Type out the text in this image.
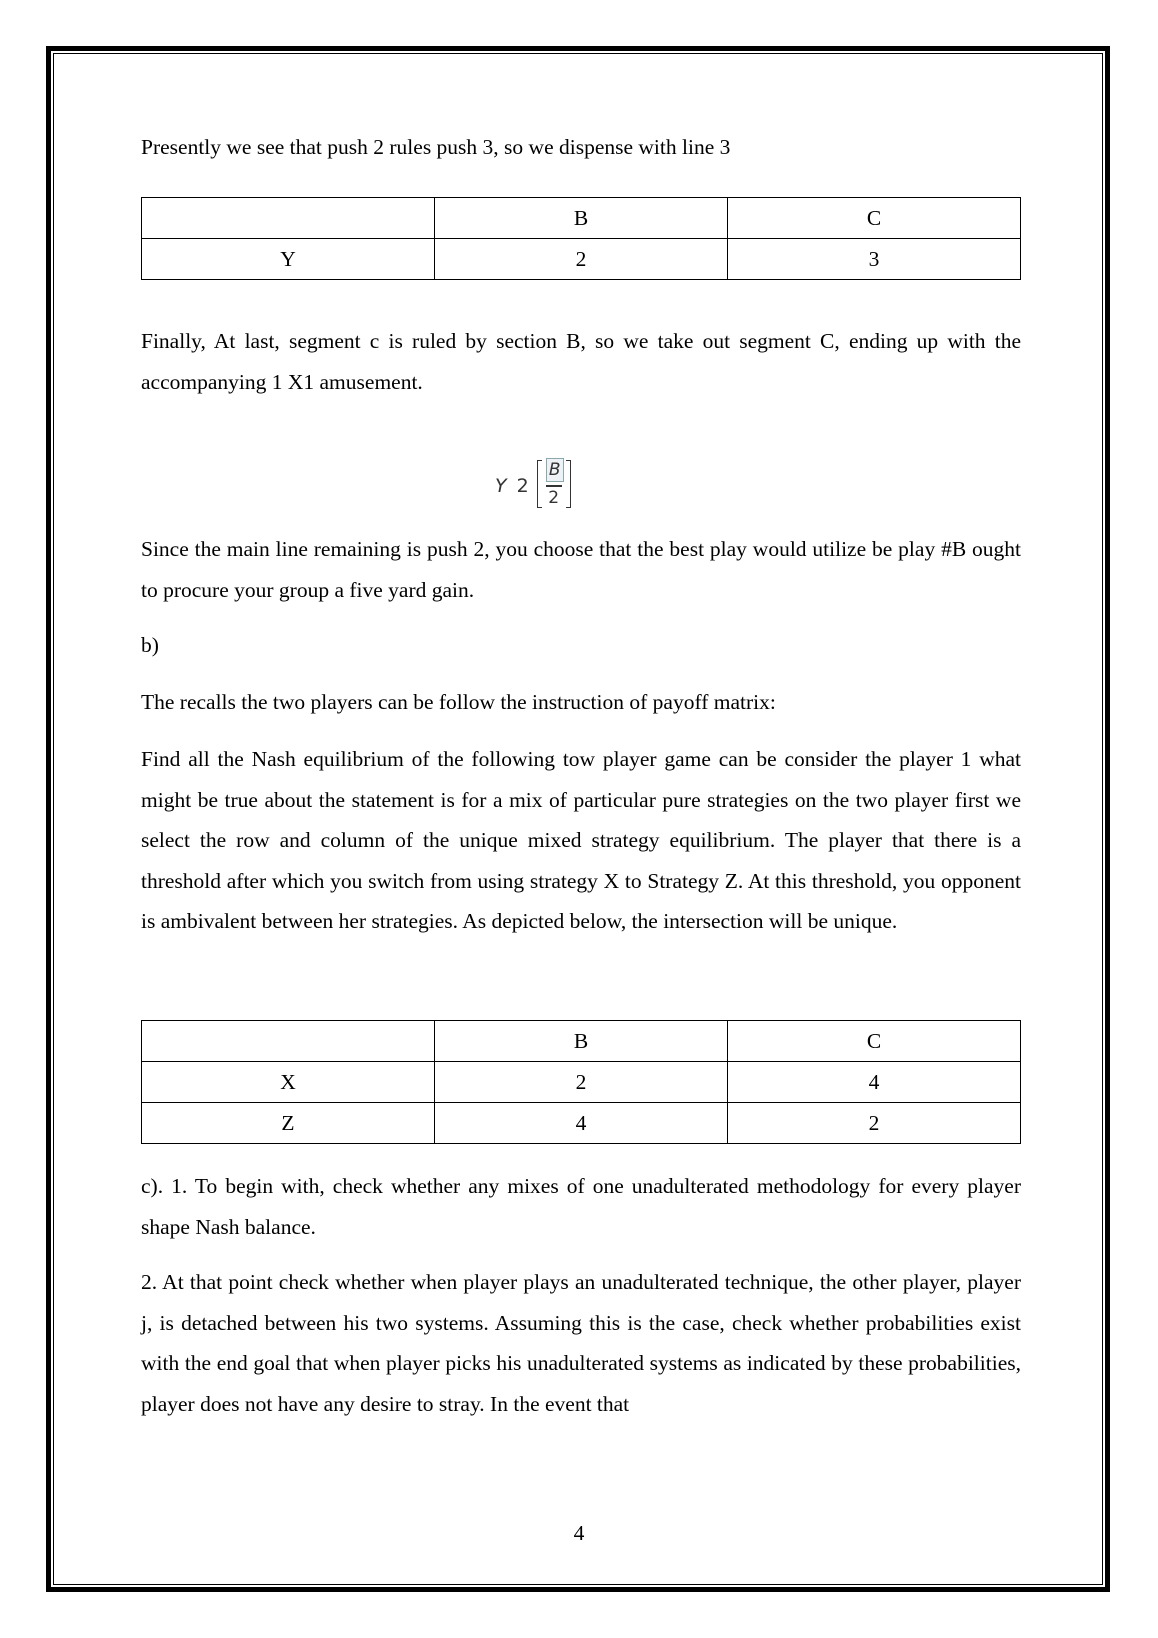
Presently we see that push 2 rules push 3, so we dispense with line 3

	B	C
Y	2	3

Finally, At last, segment c is ruled by section B, so we take out segment C, ending up with the accompanying 1 X1 amusement.

Since the main line remaining is push 2, you choose that the best play would utilize be play #B ought to procure your group a five yard gain.

b)

The recalls the two players can be follow the instruction of payoff matrix:

Find all the Nash equilibrium of the following tow player game can be consider the player 1 what might be true about the statement is for a mix of particular pure strategies on the two player first we select the row and column of the unique mixed strategy equilibrium. The player that there is a threshold after which you switch from using strategy X to Strategy Z. At this threshold, you opponent is ambivalent between her strategies. As depicted below, the intersection will be unique.

	B	C
X	2	4
Z	4	2

c). 1. To begin with, check whether any mixes of one unadulterated methodology for every player shape Nash balance.

2. At that point check whether when player plays an unadulterated technique, the other player, player j, is detached between his two systems. Assuming this is the case, check whether probabilities exist with the end goal that when player picks his unadulterated systems as indicated by these probabilities, player does not have any desire to stray. In the event that

Y 2
B
2
4
